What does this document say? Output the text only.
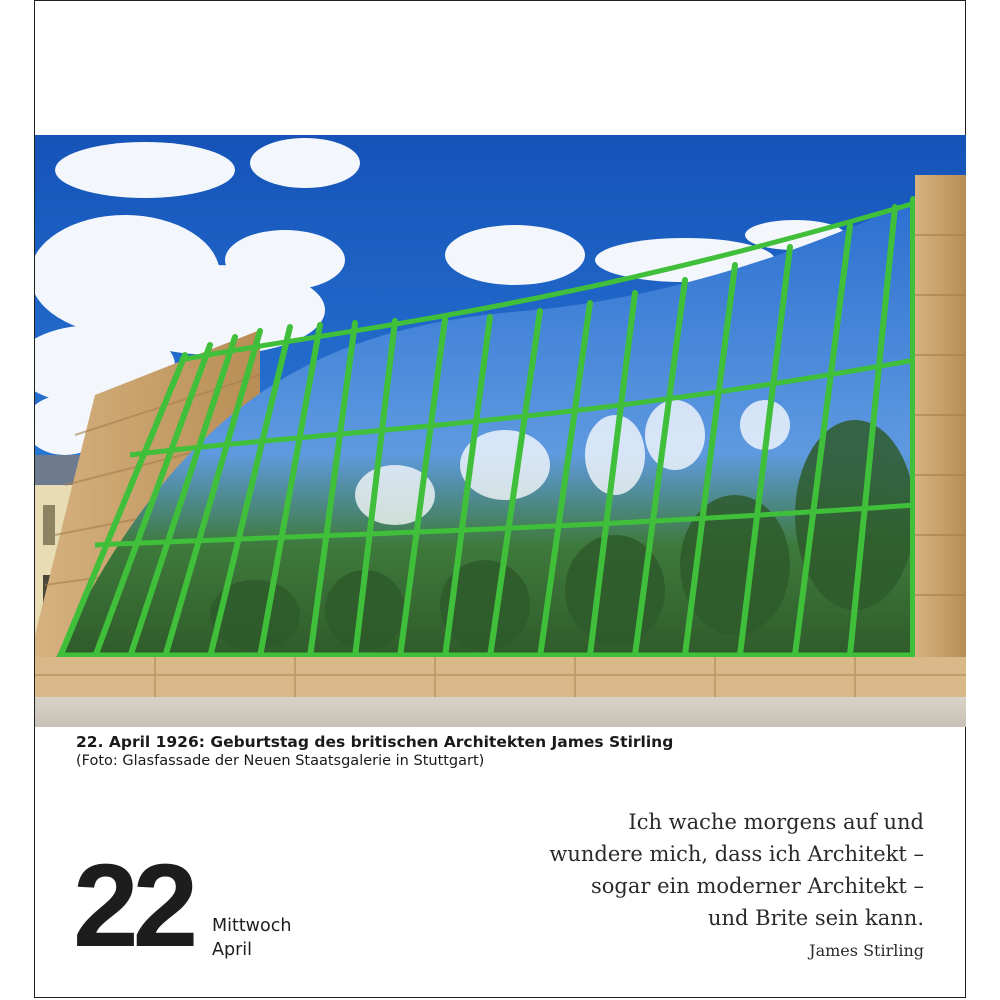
22. April 1926: Geburtstag des britischen Architekten James Stirling
(Foto: Glasfassade der Neuen Staatsgalerie in Stuttgart)
22 Mittwoch
April
Ich wache morgens auf und
wundere mich, dass ich Architekt –
sogar ein moderner Architekt –
und Brite sein kann.
James Stirling
